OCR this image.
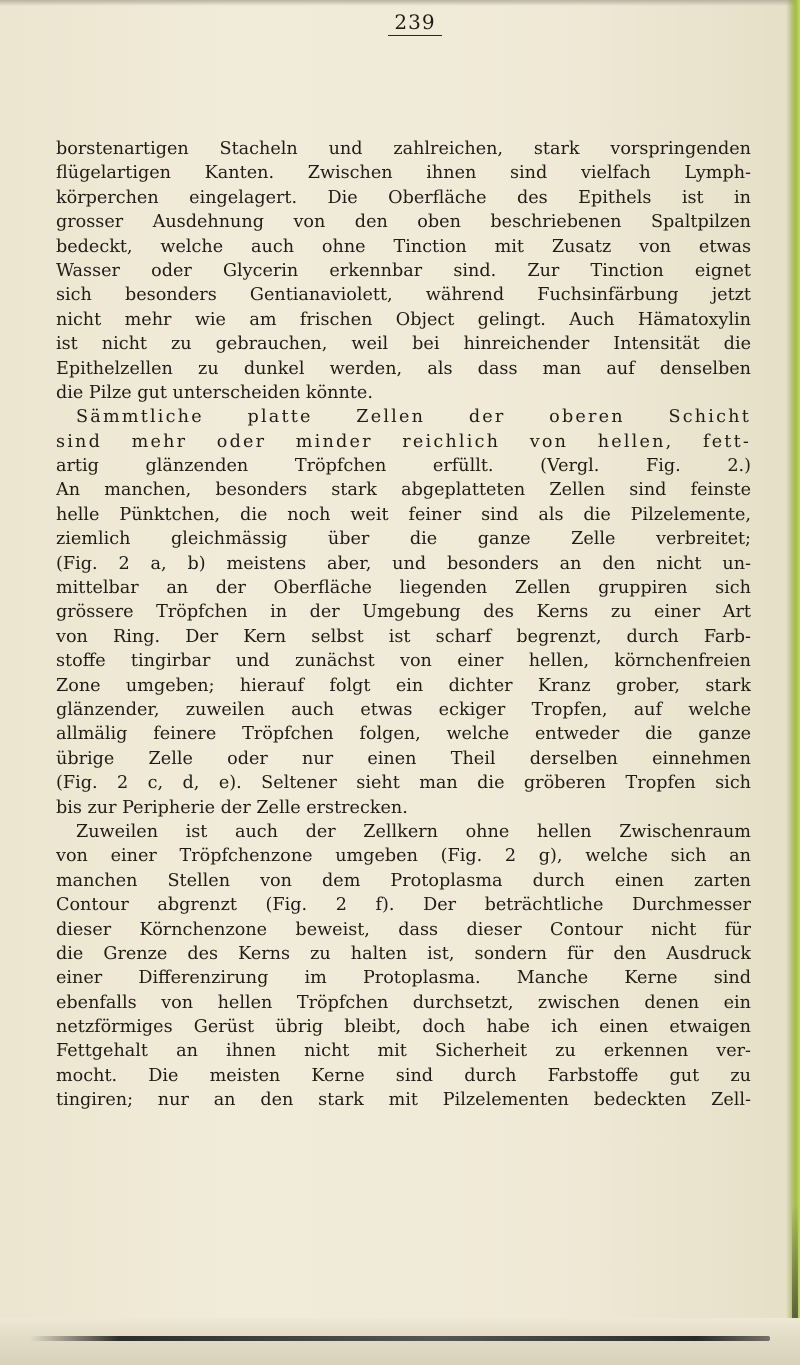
239
borstenartigen Stacheln und zahlreichen, stark vorspringenden
flügelartigen Kanten. Zwischen ihnen sind vielfach Lymph-
körperchen eingelagert. Die Oberfläche des Epithels ist in
grosser Ausdehnung von den oben beschriebenen Spaltpilzen
bedeckt, welche auch ohne Tinction mit Zusatz von etwas
Wasser oder Glycerin erkennbar sind. Zur Tinction eignet
sich besonders Gentianaviolett, während Fuchsinfärbung jetzt
nicht mehr wie am frischen Object gelingt. Auch Hämatoxylin
ist nicht zu gebrauchen, weil bei hinreichender Intensität die
Epithelzellen zu dunkel werden, als dass man auf denselben
die Pilze gut unterscheiden könnte.
Sämmtliche platte Zellen der oberen Schicht
sind mehr oder minder reichlich von hellen, fett-
artig glänzenden Tröpfchen erfüllt. (Vergl. Fig. 2.)
An manchen, besonders stark abgeplatteten Zellen sind feinste
helle Pünktchen, die noch weit feiner sind als die Pilzelemente,
ziemlich gleichmässig über die ganze Zelle verbreitet;
(Fig. 2 a, b) meistens aber, und besonders an den nicht un-
mittelbar an der Oberfläche liegenden Zellen gruppiren sich
grössere Tröpfchen in der Umgebung des Kerns zu einer Art
von Ring. Der Kern selbst ist scharf begrenzt, durch Farb-
stoffe tingirbar und zunächst von einer hellen, körnchenfreien
Zone umgeben; hierauf folgt ein dichter Kranz grober, stark
glänzender, zuweilen auch etwas eckiger Tropfen, auf welche
allmälig feinere Tröpfchen folgen, welche entweder die ganze
übrige Zelle oder nur einen Theil derselben einnehmen
(Fig. 2 c, d, e). Seltener sieht man die gröberen Tropfen sich
bis zur Peripherie der Zelle erstrecken.
Zuweilen ist auch der Zellkern ohne hellen Zwischenraum
von einer Tröpfchenzone umgeben (Fig. 2 g), welche sich an
manchen Stellen von dem Protoplasma durch einen zarten
Contour abgrenzt (Fig. 2 f). Der beträchtliche Durchmesser
dieser Körnchenzone beweist, dass dieser Contour nicht für
die Grenze des Kerns zu halten ist, sondern für den Ausdruck
einer Differenzirung im Protoplasma. Manche Kerne sind
ebenfalls von hellen Tröpfchen durchsetzt, zwischen denen ein
netzförmiges Gerüst übrig bleibt, doch habe ich einen etwaigen
Fettgehalt an ihnen nicht mit Sicherheit zu erkennen ver-
mocht. Die meisten Kerne sind durch Farbstoffe gut zu
tingiren; nur an den stark mit Pilzelementen bedeckten Zell-
